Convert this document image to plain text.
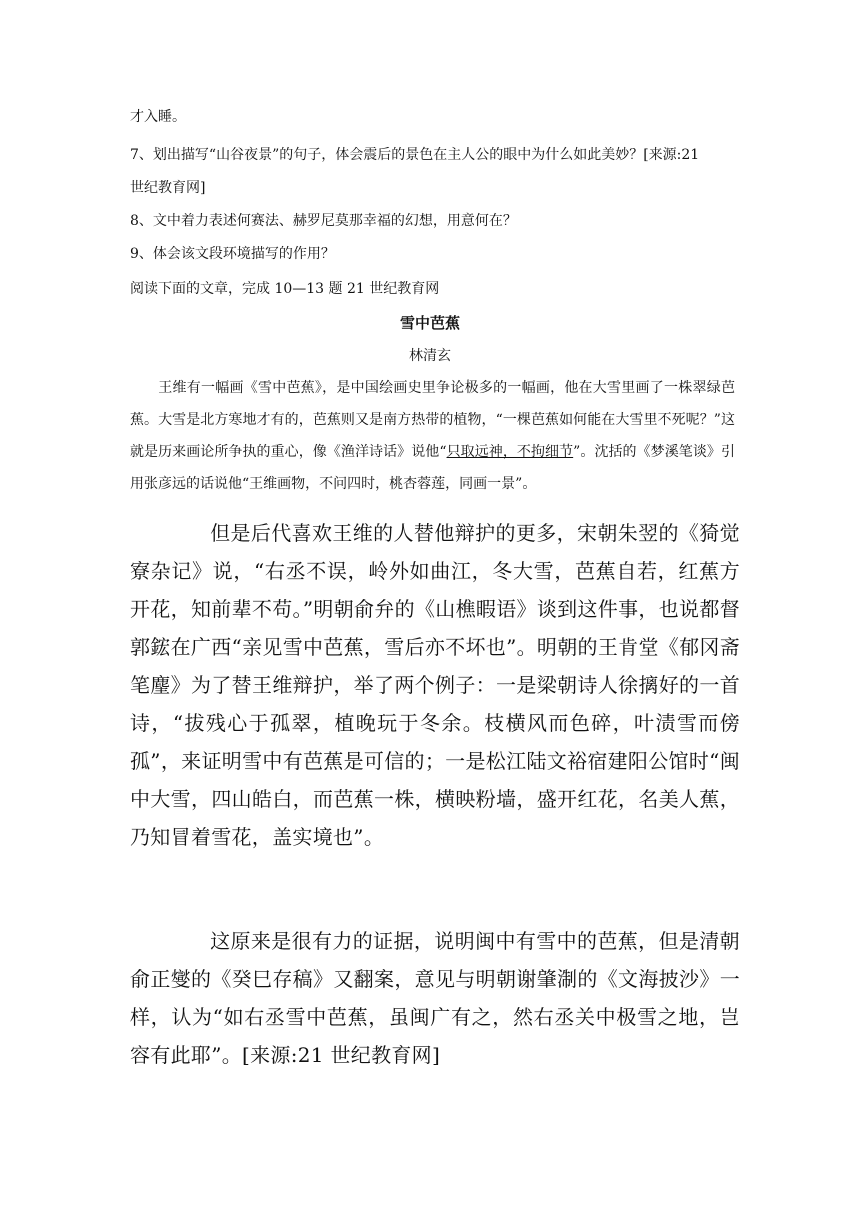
才入睡。
7、划出描写“山谷夜景”的句子，体会震后的景色在主人公的眼中为什么如此美妙？[来源:21
世纪教育网]
8、文中着力表述何赛法、赫罗尼莫那幸福的幻想，用意何在？
9、体会该文段环境描写的作用？
阅读下面的文章，完成 10—13 题 21 世纪教育网
雪中芭蕉
林清玄
王维有一幅画《雪中芭蕉》，是中国绘画史里争论极多的一幅画，他在大雪里画了一株翠绿芭蕉。大雪是北方寒地才有的，芭蕉则又是南方热带的植物，“一棵芭蕉如何能在大雪里不死呢？”这就是历来画论所争执的重心，像《渔洋诗话》说他“只取远神，不拘细节”。沈括的《梦溪笔谈》引用张彦远的话说他“王维画物，不问四时，桃杏蓉莲，同画一景”。
但是后代喜欢王维的人替他辩护的更多，宋朝朱翌的《猗觉寮杂记》说，“右丞不误，岭外如曲江，冬大雪，芭蕉自若，红蕉方开花，知前辈不苟。”明朝俞弁的《山樵暇语》谈到这件事，也说都督郭鋐在广西“亲见雪中芭蕉，雪后亦不坏也”。明朝的王肯堂《郁冈斋笔麈》为了替王维辩护，举了两个例子：一是梁朝诗人徐摛好的一首诗，“拔残心于孤翠，植晚玩于冬余。枝横风而色碎，叶渍雪而傍孤”，来证明雪中有芭蕉是可信的；一是松江陆文裕宿建阳公馆时“闽中大雪，四山皓白，而芭蕉一株，横映粉墙，盛开红花，名美人蕉，乃知冒着雪花，盖实境也”。
这原来是很有力的证据，说明闽中有雪中的芭蕉，但是清朝俞正燮的《癸巳存稿》又翻案，意见与明朝谢肇淛的《文海披沙》一样，认为“如右丞雪中芭蕉，虽闽广有之，然右丞关中极雪之地，岂容有此耶”。[来源:21 世纪教育网]
